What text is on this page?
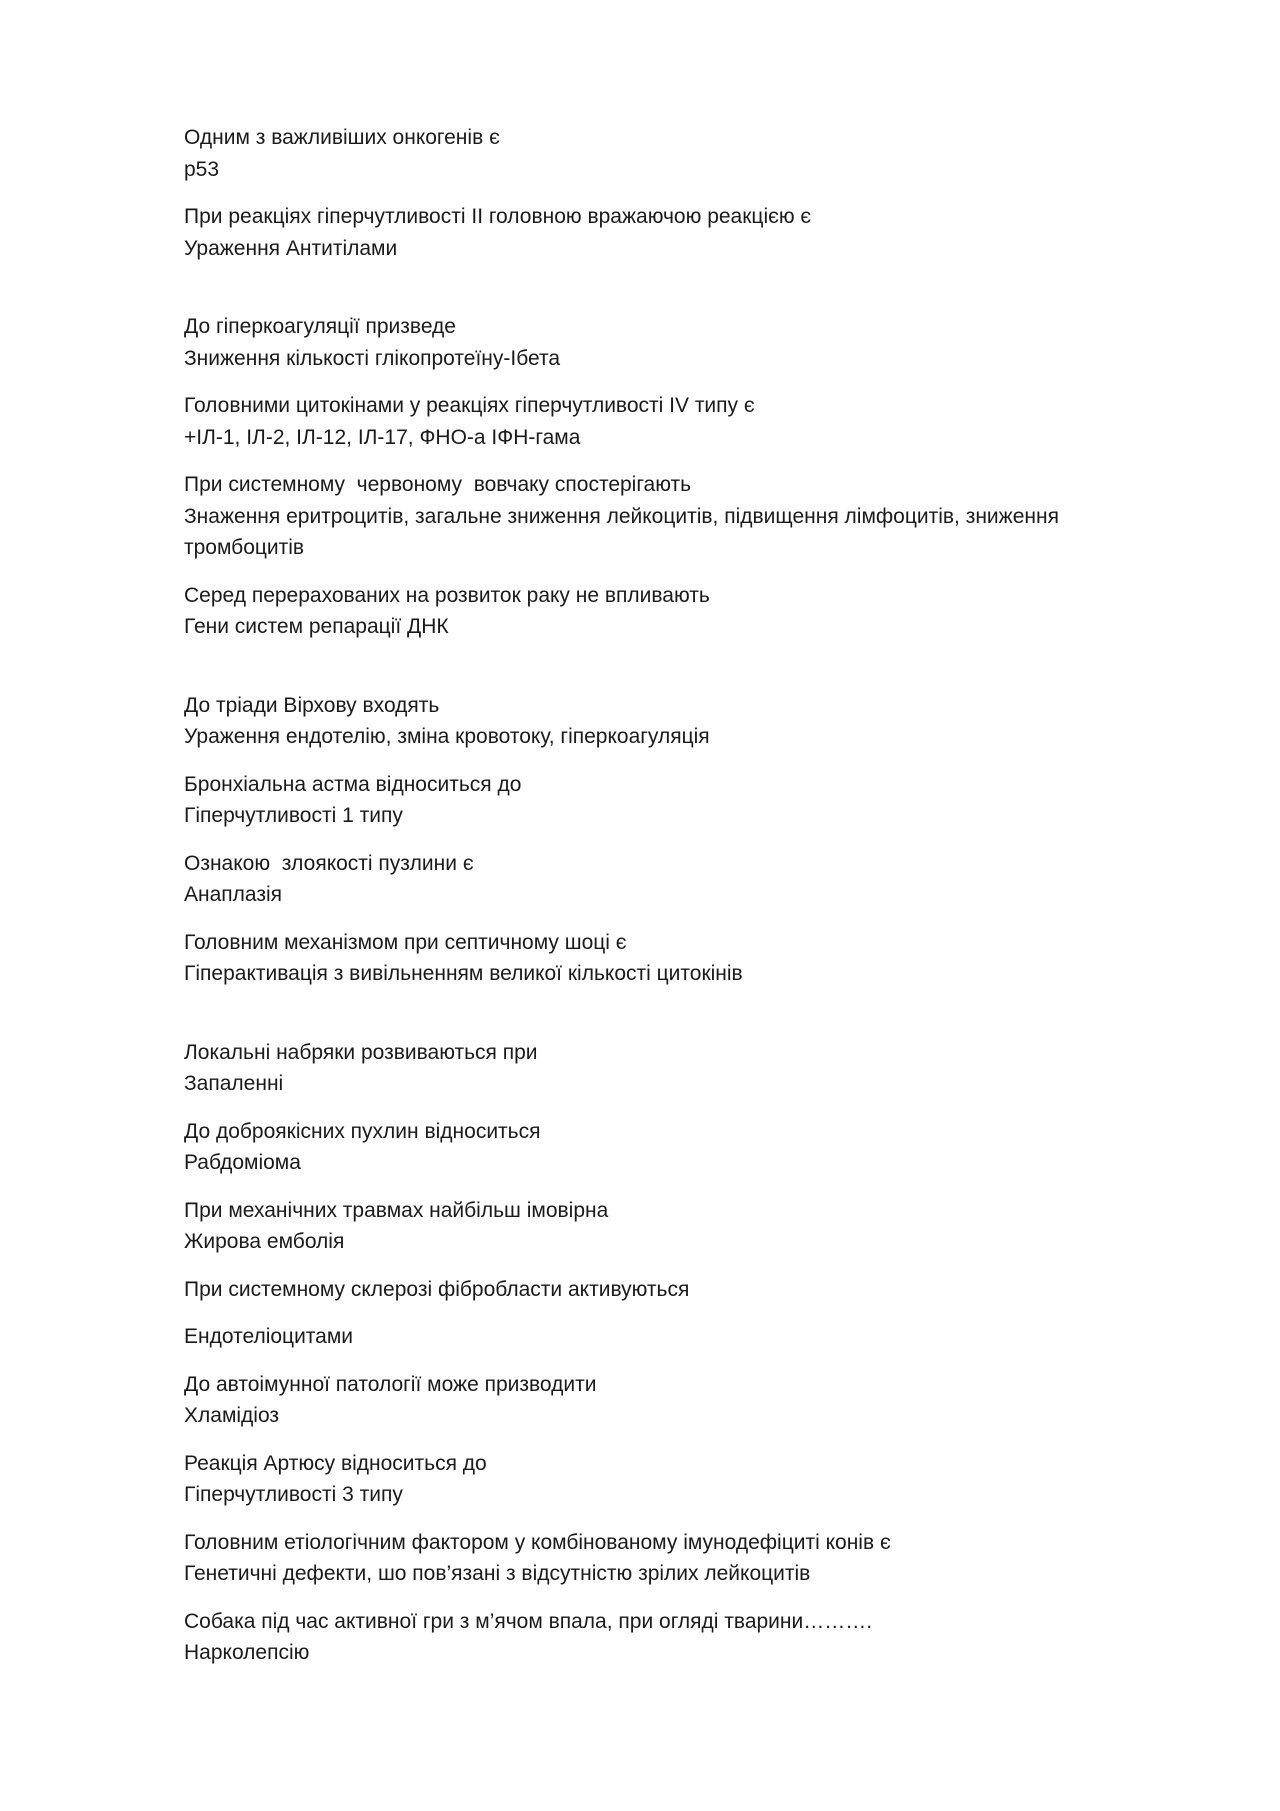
Одним з важливіших онкогенів є
p53
При реакціях гіперчутливості ІІ головною вражаючою реакцією є
Ураження Антитілами
До гіперкоагуляції призведе
Зниження кількості глікопротеїну-Ібета
Головними цитокінами у реакціях гіперчутливості IV типу є
+ІЛ-1, ІЛ-2, ІЛ-12, ІЛ-17, ФНО-а ІФН-гама
При системному  червоному  вовчаку спостерігають
Знаження еритроцитів, загальне зниження лейкоцитів, підвищення лімфоцитів, зниження тромбоцитів
Серед перерахованих на розвиток раку не впливають
Гени систем репарації ДНК
До тріади Вірхову входять
Ураження ендотелію, зміна кровотоку, гіперкоагуляція
Бронхіальна астма відноситься до
Гіперчутливості 1 типу
Ознакою  злоякості пузлини є
Анаплазія
Головним механізмом при септичному шоці є
Гіперактивація з вивільненням великої кількості цитокінів
Локальні набряки розвиваються при
Запаленні
До доброякісних пухлин відноситься
Рабдоміома
При механічних травмах найбільш імовірна
Жирова емболія
При системному склерозі фібробласти активуються
Ендотеліоцитами
До автоімунної патології може призводити
Хламідіоз
Реакція Артюсу відноситься до
Гіперчутливості 3 типу
Головним етіологічним фактором у комбінованому імунодефіциті конів є
Генетичні дефекти, шо пов’язані з відсутністю зрілих лейкоцитів
Собака під час активної гри з м’ячом впала, при огляді тварини……….
Нарколепсію
